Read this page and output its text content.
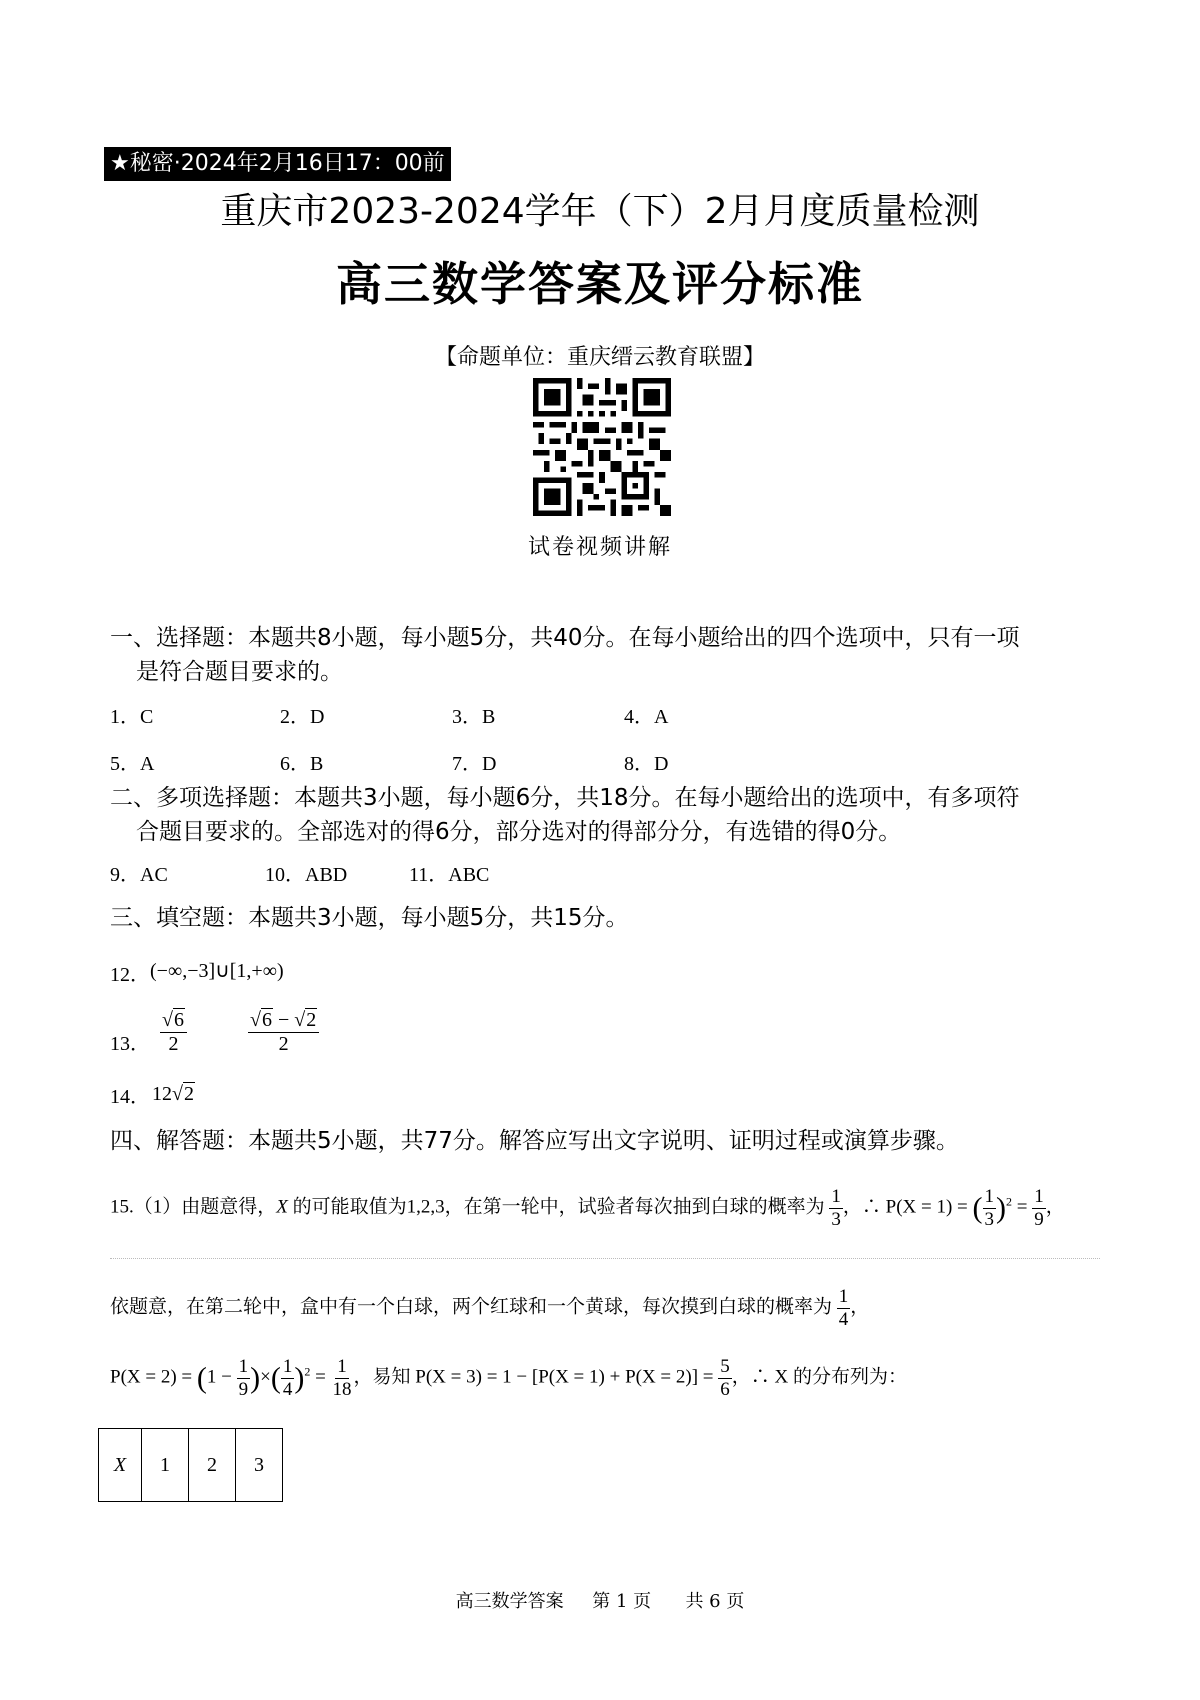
★秘密·2024年2月16日17：00前
重庆市2023-2024学年（下）2月月度质量检测
高三数学答案及评分标准
【命题单位：重庆缙云教育联盟】
试卷视频讲解
一、选择题：本题共8小题，每小题5分，共40分。在每小题给出的四个选项中，只有一项
是符合题目要求的。
1．C	2．D	3．B	4．A
5．A	6．B	7．D	8．D
二、多项选择题：本题共3小题，每小题6分，共18分。在每小题给出的选项中，有多项符
合题目要求的。全部选对的得6分，部分选对的得部分分，有选错的得0分。
9．AC	10．ABD	11．ABC
三、填空题：本题共3小题，每小题5分，共15分。
12． (−∞,−3]∪[1,+∞)
13． $\frac{√6}{2}$	$\frac{√6 - √2}{2}$
14． 12√2
四、解答题：本题共5小题，共77分。解答应写出文字说明、证明过程或演算步骤。
15.（1）由题意得，X 的可能取值为1,2,3，在第一轮中，试验者每次抽到白球的概率为 $\frac{1}{3}$ ，∴ P(X = 1) = ( $\frac{1}{3} )^2 = \frac{1}{9}$ ，
依题意，在第二轮中，盒中有一个白球，两个红球和一个黄球，每次摸到白球的概率为 $\frac{1}{4}$ ，
$P(X = 2) = (1 - \frac{1}{9}$ )×( $\frac{1}{4} )^2 = \frac{1}{18}$ ，易知 $P(X = 3) = 1 - [P(X = 1) + P(X = 2)] = \frac{5}{6}$ ，∴ X 的分布列为：
X	1	2	3
高三数学答案     第 1 页      共 6 页
